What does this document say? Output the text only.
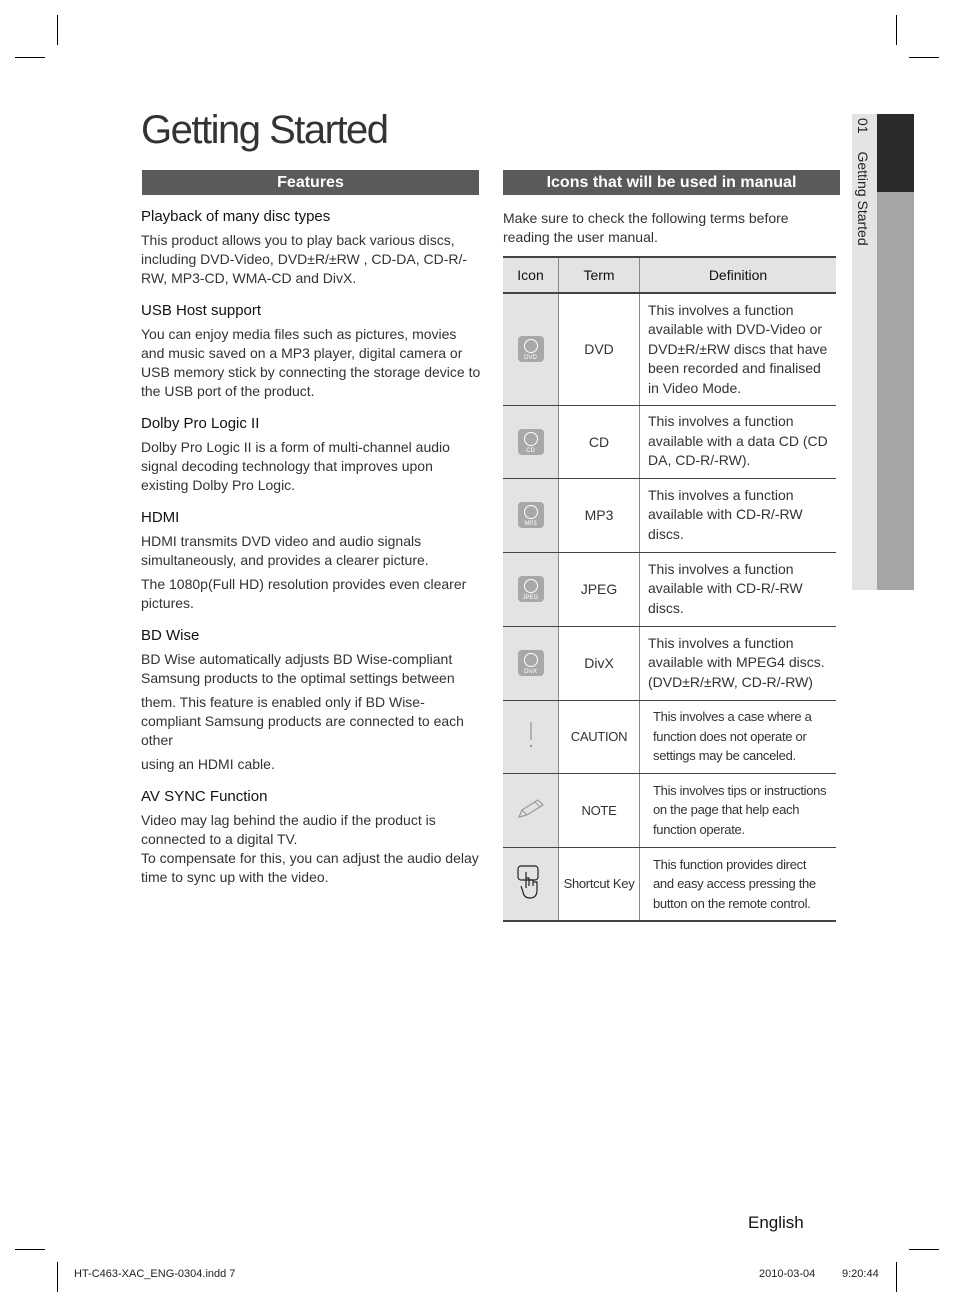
Getting Started	01 Getting Started
Features
Playback of many disc types

This product allows you to play back various discs, including DVD-Video, DVD±R/±RW , CD-DA, CD-R/-RW, MP3-CD, WMA-CD and DivX.

USB Host support

You can enjoy media files such as pictures, movies and music saved on a MP3 player, digital camera or USB memory stick by connecting the storage device to the USB port of the product.

Dolby Pro Logic II

Dolby Pro Logic II is a form of multi-channel audio signal decoding technology that improves upon existing Dolby Pro Logic.

HDMI

HDMI transmits DVD video and audio signals simultaneously, and provides a clearer picture.

The 1080p(Full HD) resolution provides even clearer pictures.

BD Wise

BD Wise automatically adjusts BD Wise-compliant Samsung products to the optimal settings between

them. This feature is enabled only if BD Wise-compliant Samsung products are connected to each other

using an HDMI cable.

AV SYNC Function

Video may lag behind the audio if the product is connected to a digital TV.

To compensate for this, you can adjust the audio delay time to sync up with the video.

Icons that will be used in manual

Make sure to check the following terms before reading the user manual.

Icon	Term	Definition

DVD	DVD	This involves a function available with DVD-Video or DVD±R/±RW discs that have been recorded and finalised in Video Mode.

CD	CD	This involves a function available with a data CD (CD DA, CD-R/-RW).

MP3	MP3	This involves a function available with CD-R/-RW discs.

JPEG	JPEG	This involves a function available with CD-R/-RW discs.

DivX	DivX	This involves a function available with MPEG4 discs. (DVD±R/±RW, CD-R/-RW)
	CAUTION	This involves a case where a function does not operate or settings may be canceled.
	NOTE	This involves tips or instructions on the page that help each function operate.
	Shortcut Key	This function provides direct and easy access pressing the button on the remote control.
English
HT-C463-XAC_ENG-0304.indd 7	2010-03-04 9:20:44
